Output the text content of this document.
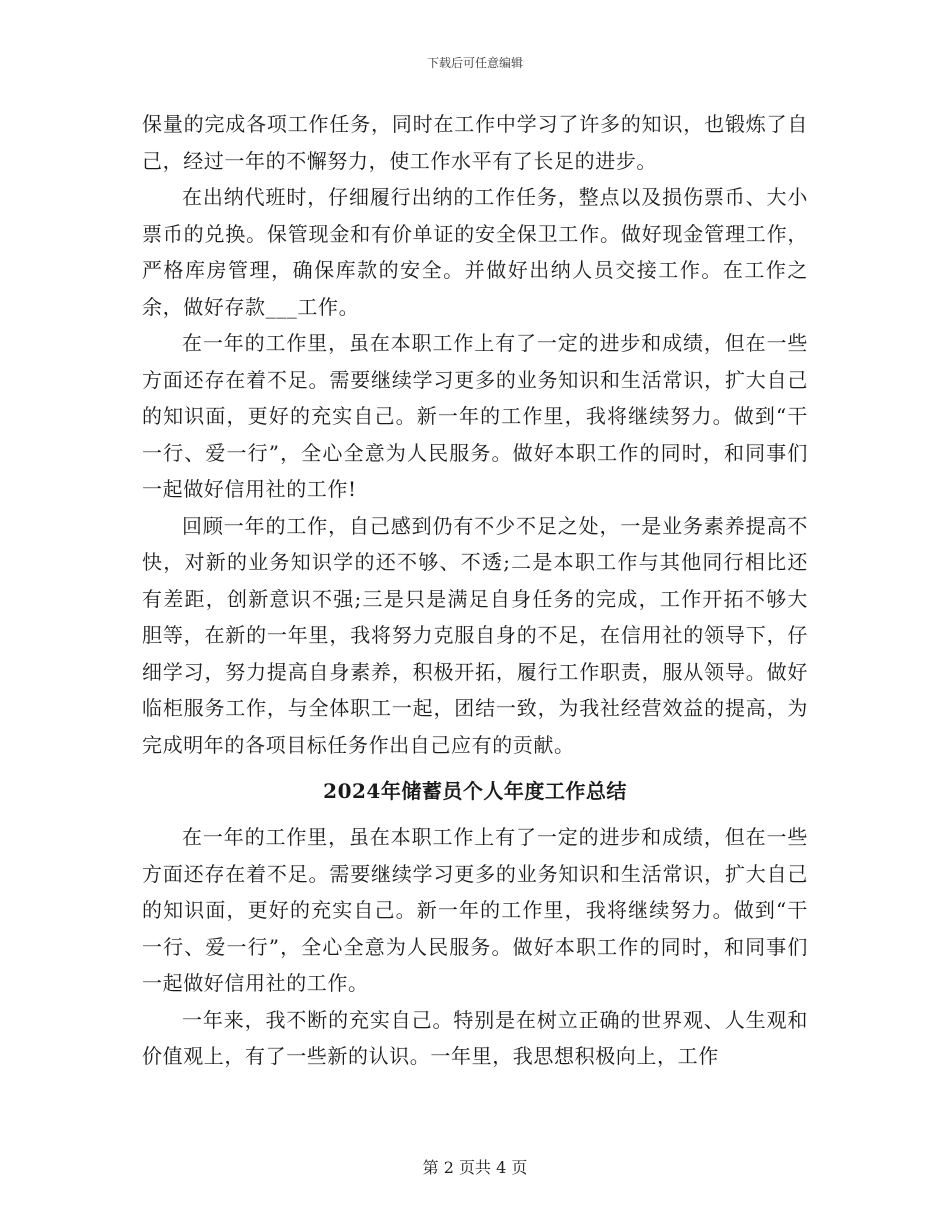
下载后可任意编辑
保量的完成各项工作任务，同时在工作中学习了许多的知识，也锻炼了自己，经过一年的不懈努力，使工作水平有了长足的进步。
在出纳代班时，仔细履行出纳的工作任务，整点以及损伤票币、大小票币的兑换。保管现金和有价单证的安全保卫工作。做好现金管理工作，严格库房管理，确保库款的安全。并做好出纳人员交接工作。在工作之余，做好存款___工作。
在一年的工作里，虽在本职工作上有了一定的进步和成绩，但在一些方面还存在着不足。需要继续学习更多的业务知识和生活常识，扩大自己的知识面，更好的充实自己。新一年的工作里，我将继续努力。做到“干一行、爱一行”，全心全意为人民服务。做好本职工作的同时，和同事们一起做好信用社的工作!
回顾一年的工作，自己感到仍有不少不足之处，一是业务素养提高不快，对新的业务知识学的还不够、不透;二是本职工作与其他同行相比还有差距，创新意识不强;三是只是满足自身任务的完成，工作开拓不够大胆等，在新的一年里，我将努力克服自身的不足，在信用社的领导下，仔细学习，努力提高自身素养，积极开拓，履行工作职责，服从领导。做好临柜服务工作，与全体职工一起，团结一致，为我社经营效益的提高，为完成明年的各项目标任务作出自己应有的贡献。
2024年储蓄员个人年度工作总结
在一年的工作里，虽在本职工作上有了一定的进步和成绩，但在一些方面还存在着不足。需要继续学习更多的业务知识和生活常识，扩大自己的知识面，更好的充实自己。新一年的工作里，我将继续努力。做到“干一行、爱一行”，全心全意为人民服务。做好本职工作的同时，和同事们一起做好信用社的工作。
一年来，我不断的充实自己。特别是在树立正确的世界观、人生观和价值观上，有了一些新的认识。一年里，我思想积极向上，工作
第 2 页共 4 页
